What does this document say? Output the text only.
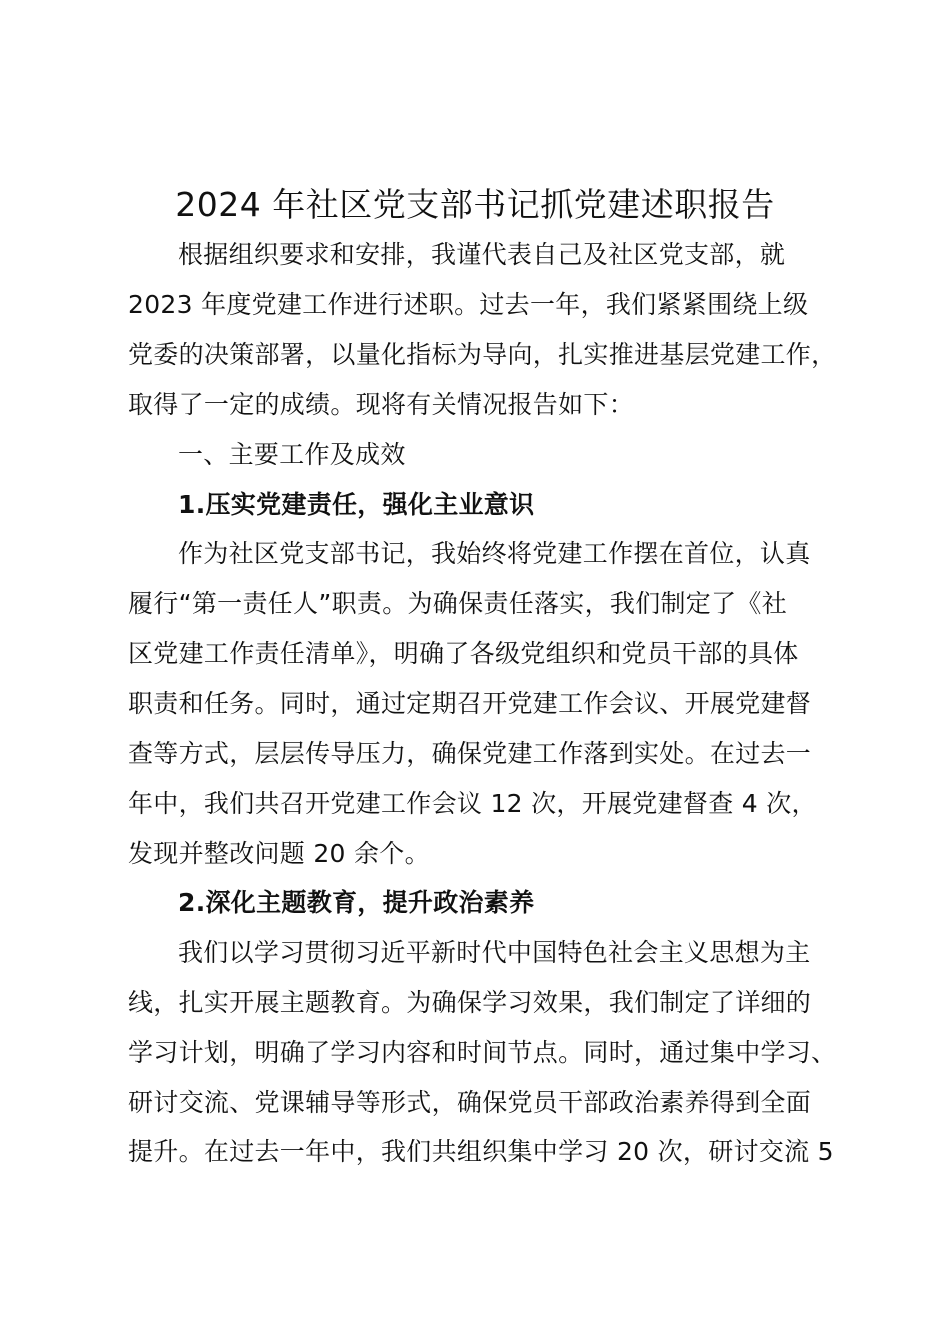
2024 年社区党支部书记抓党建述职报告
根据组织要求和安排，我谨代表自己及社区党支部，就
2023 年度党建工作进行述职。过去一年，我们紧紧围绕上级
党委的决策部署，以量化指标为导向，扎实推进基层党建工作，
取得了一定的成绩。现将有关情况报告如下：
一、主要工作及成效
1.压实党建责任，强化主业意识
作为社区党支部书记，我始终将党建工作摆在首位，认真
履行“第一责任人”职责。为确保责任落实，我们制定了《社
区党建工作责任清单》，明确了各级党组织和党员干部的具体
职责和任务。同时，通过定期召开党建工作会议、开展党建督
查等方式，层层传导压力，确保党建工作落到实处。在过去一
年中，我们共召开党建工作会议 12 次，开展党建督查 4 次，
发现并整改问题 20 余个。
2.深化主题教育，提升政治素养
我们以学习贯彻习近平新时代中国特色社会主义思想为主
线，扎实开展主题教育。为确保学习效果，我们制定了详细的
学习计划，明确了学习内容和时间节点。同时，通过集中学习、
研讨交流、党课辅导等形式，确保党员干部政治素养得到全面
提升。在过去一年中，我们共组织集中学习 20 次，研讨交流 5
